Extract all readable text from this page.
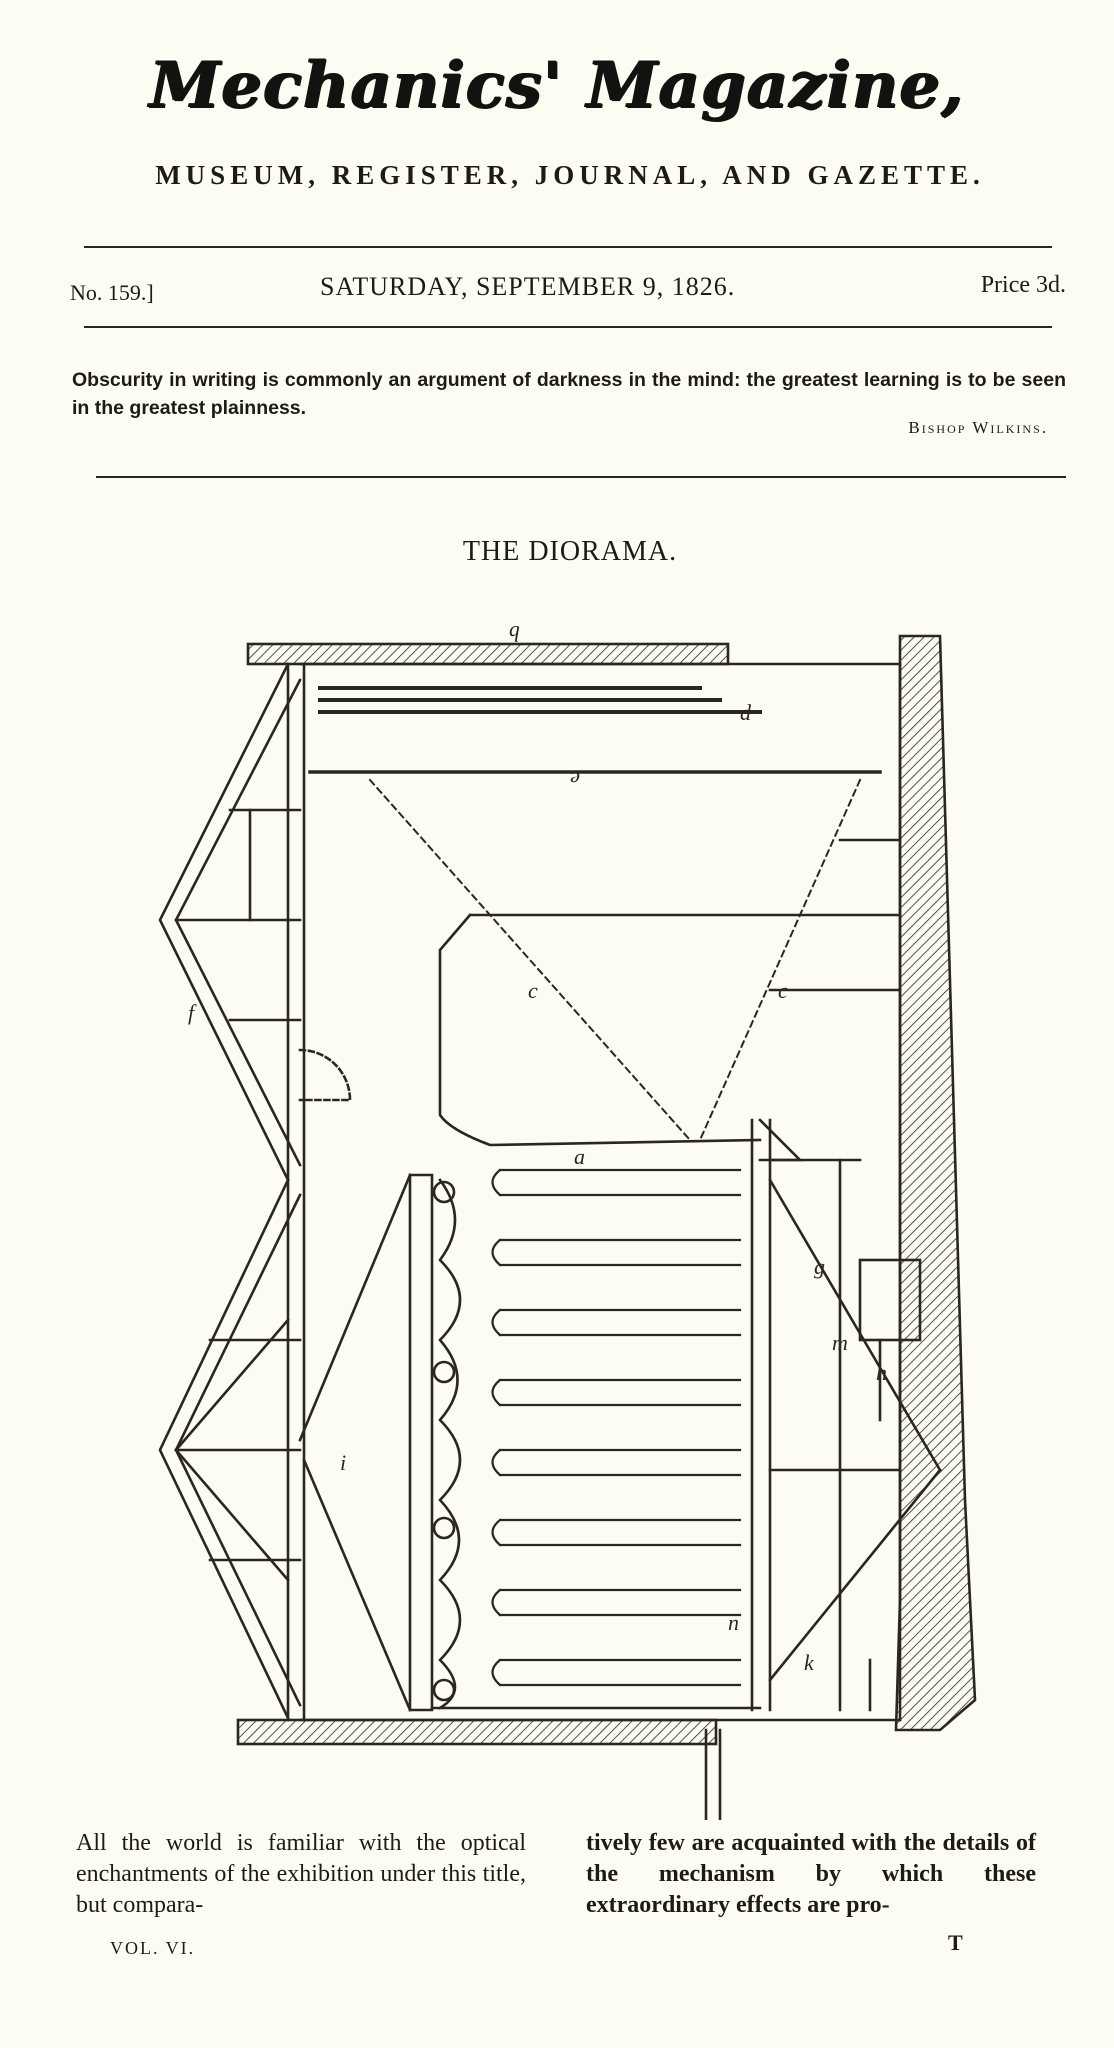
Mechanics' Magazine,
MUSEUM, REGISTER, JOURNAL, AND GAZETTE.
No. 159.]	SATURDAY, SEPTEMBER 9, 1826.	Price 3d.
Obscurity in writing is commonly an argument of darkness in the mind: the greatest learning is to be seen in the greatest plainness.
Bishop Wilkins.
THE DIORAMA.
b
d
e
c	c
f
a
g
h
m
n
i
k
All the world is familiar with the optical enchantments of the exhibition under this title, but compara-
tively few are acquainted with the details of the mechanism by which these extraordinary effects are pro-
VOL. VI.	T
